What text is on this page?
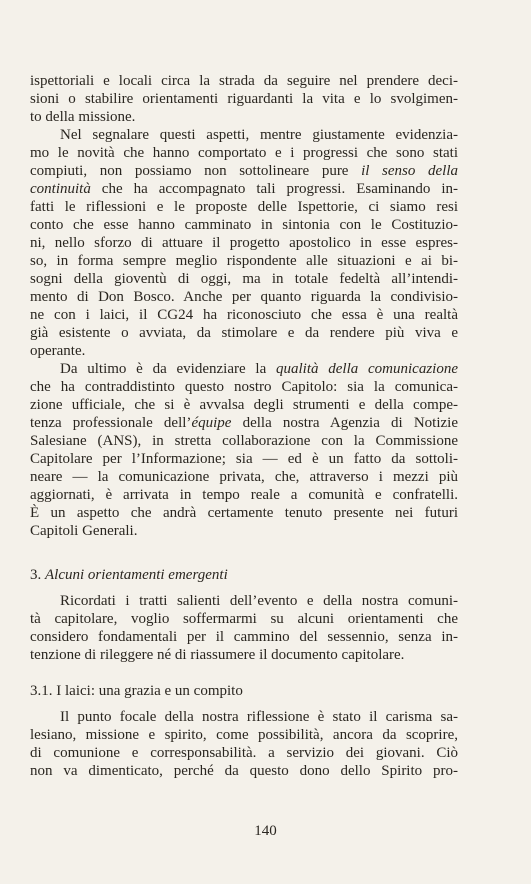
ispettoriali e locali circa la strada da seguire nel prendere deci-
sioni o stabilire orientamenti riguardanti la vita e lo svolgimen-
to della missione.
Nel segnalare questi aspetti, mentre giustamente evidenzia-
mo le novità che hanno comportato e i progressi che sono stati
compiuti, non possiamo non sottolineare pure il senso della
continuità che ha accompagnato tali progressi. Esaminando in-
fatti le riflessioni e le proposte delle Ispettorie, ci siamo resi
conto che esse hanno camminato in sintonia con le Costituzio-
ni, nello sforzo di attuare il progetto apostolico in esse espres-
so, in forma sempre meglio rispondente alle situazioni e ai bi-
sogni della gioventù di oggi, ma in totale fedeltà all’intendi-
mento di Don Bosco. Anche per quanto riguarda la condivisio-
ne con i laici, il CG24 ha riconosciuto che essa è una realtà
già esistente o avviata, da stimolare e da rendere più viva e
operante.
Da ultimo è da evidenziare la qualità della comunicazione
che ha contraddistinto questo nostro Capitolo: sia la comunica-
zione ufficiale, che si è avvalsa degli strumenti e della compe-
tenza professionale dell’équipe della nostra Agenzia di Notizie
Salesiane (ANS), in stretta collaborazione con la Commissione
Capitolare per l’Informazione; sia — ed è un fatto da sottoli-
neare — la comunicazione privata, che, attraverso i mezzi più
aggiornati, è arrivata in tempo reale a comunità e confratelli.
È un aspetto che andrà certamente tenuto presente nei futuri
Capitoli Generali.
3. Alcuni orientamenti emergenti
Ricordati i tratti salienti dell’evento e della nostra comuni-
tà capitolare, voglio soffermarmi su alcuni orientamenti che
considero fondamentali per il cammino del sessennio, senza in-
tenzione di rileggere né di riassumere il documento capitolare.
3.1. I laici: una grazia e un compito
Il punto focale della nostra riflessione è stato il carisma sa-
lesiano, missione e spirito, come possibilità, ancora da scoprire,
di comunione e corresponsabilità. a servizio dei giovani. Ciò
non va dimenticato, perché da questo dono dello Spirito pro-
140
